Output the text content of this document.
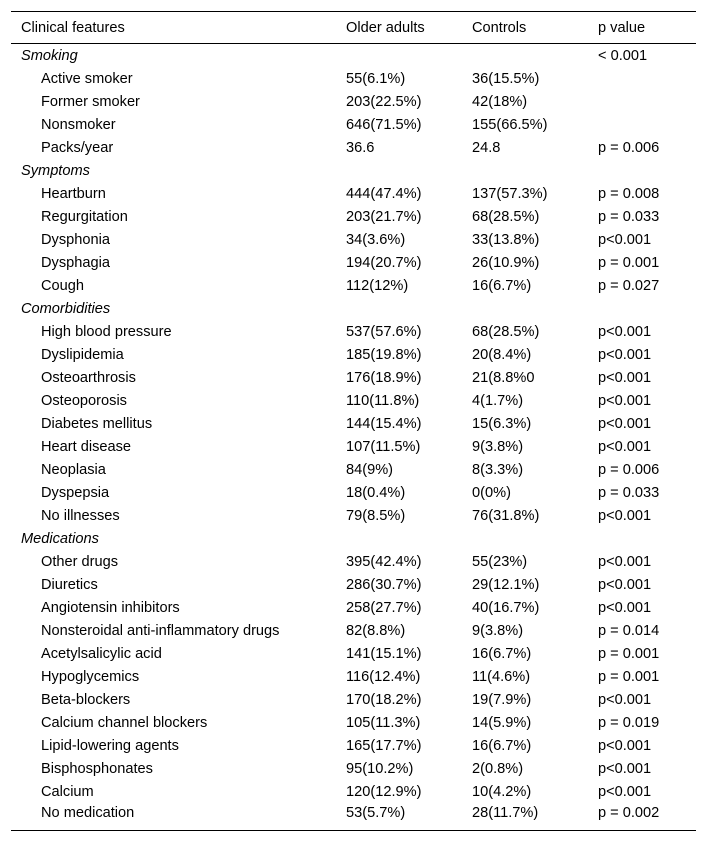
Clinical features	Older adults	Controls	p value
Smoking			< 0.001
Active smoker	55(6.1%)	36(15.5%)	
Former smoker	203(22.5%)	42(18%)	
Nonsmoker	646(71.5%)	155(66.5%)	
Packs/year	36.6	24.8	p = 0.006
Symptoms			
Heartburn	444(47.4%)	137(57.3%)	p = 0.008
Regurgitation	203(21.7%)	68(28.5%)	p = 0.033
Dysphonia	34(3.6%)	33(13.8%)	p<0.001
Dysphagia	194(20.7%)	26(10.9%)	p = 0.001
Cough	112(12%)	16(6.7%)	p = 0.027
Comorbidities			
High blood pressure	537(57.6%)	68(28.5%)	p<0.001
Dyslipidemia	185(19.8%)	20(8.4%)	p<0.001
Osteoarthrosis	176(18.9%)	21(8.8%0	p<0.001
Osteoporosis	110(11.8%)	4(1.7%)	p<0.001
Diabetes mellitus	144(15.4%)	15(6.3%)	p<0.001
Heart disease	107(11.5%)	9(3.8%)	p<0.001
Neoplasia	84(9%)	8(3.3%)	p = 0.006
Dyspepsia	18(0.4%)	0(0%)	p = 0.033
No illnesses	79(8.5%)	76(31.8%)	p<0.001
Medications			
Other drugs	395(42.4%)	55(23%)	p<0.001
Diuretics	286(30.7%)	29(12.1%)	p<0.001
Angiotensin inhibitors	258(27.7%)	40(16.7%)	p<0.001
Nonsteroidal anti-inflammatory drugs	82(8.8%)	9(3.8%)	p = 0.014
Acetylsalicylic acid	141(15.1%)	16(6.7%)	p = 0.001
Hypoglycemics	116(12.4%)	11(4.6%)	p = 0.001
Beta-blockers	170(18.2%)	19(7.9%)	p<0.001
Calcium channel blockers	105(11.3%)	14(5.9%)	p = 0.019
Lipid-lowering agents	165(17.7%)	16(6.7%)	p<0.001
Bisphosphonates	95(10.2%)	2(0.8%)	p<0.001
Calcium	120(12.9%)	10(4.2%)	p<0.001
No medication	53(5.7%)	28(11.7%)	p = 0.002
